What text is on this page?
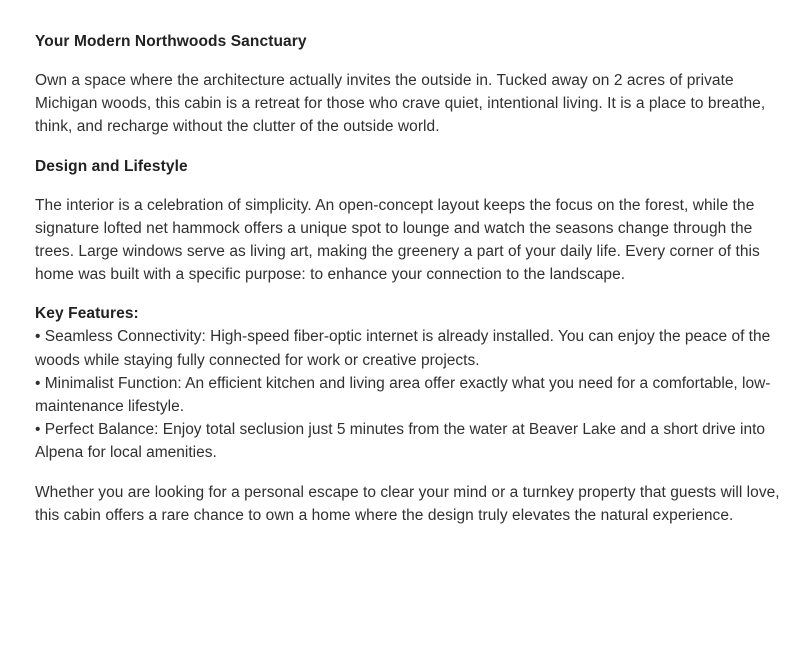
Your Modern Northwoods Sanctuary

Own a space where the architecture actually invites the outside in. Tucked away on 2 acres of private Michigan woods, this cabin is a retreat for those who crave quiet, intentional living. It is a place to breathe, think, and recharge without the clutter of the outside world.

Design and Lifestyle

The interior is a celebration of simplicity. An open-concept layout keeps the focus on the forest, while the signature lofted net hammock offers a unique spot to lounge and watch the seasons change through the trees. Large windows serve as living art, making the greenery a part of your daily life. Every corner of this home was built with a specific purpose: to enhance your connection to the landscape.

Key Features:

• Seamless Connectivity: High-speed fiber-optic internet is already installed. You can enjoy the peace of the woods while staying fully connected for work or creative projects.

• Minimalist Function: An efficient kitchen and living area offer exactly what you need for a comfortable, low-maintenance lifestyle.

• Perfect Balance: Enjoy total seclusion just 5 minutes from the water at Beaver Lake and a short drive into Alpena for local amenities.

Whether you are looking for a personal escape to clear your mind or a turnkey property that guests will love, this cabin offers a rare chance to own a home where the design truly elevates the natural experience.
